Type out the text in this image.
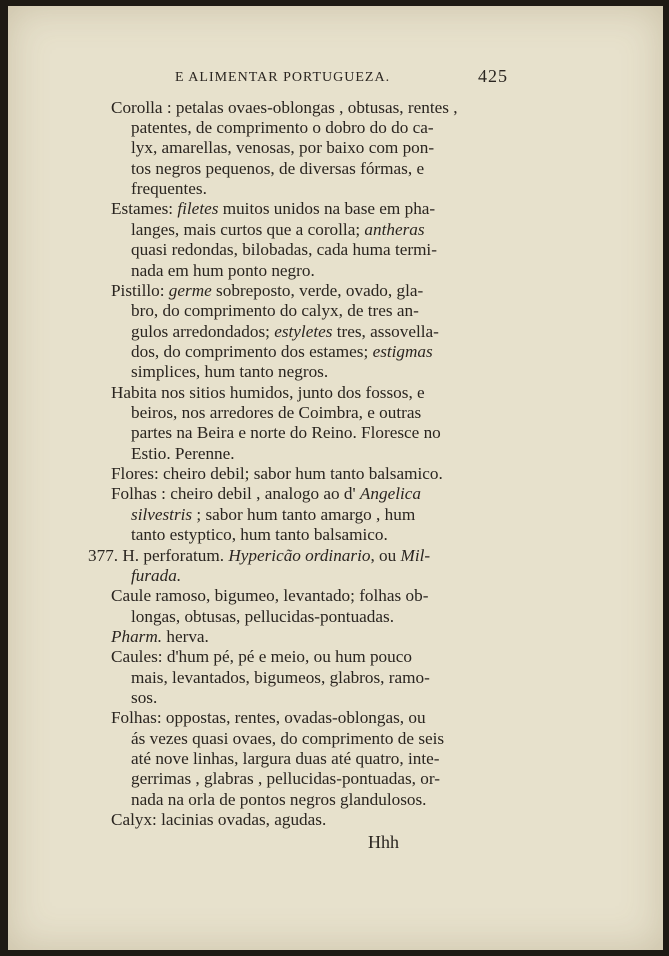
E ALIMENTAR PORTUGUEZA.	425
Corolla : petalas ovaes-oblongas , obtusas, rentes ,
patentes, de comprimento o dobro do do ca-
lyx, amarellas, venosas, por baixo com pon-
tos negros pequenos, de diversas fórmas, e
frequentes.
Estames: filetes muitos unidos na base em pha-
langes, mais curtos que a corolla; antheras
quasi redondas, bilobadas, cada huma termi-
nada em hum ponto negro.
Pistillo: germe sobreposto, verde, ovado, gla-
bro, do comprimento do calyx, de tres an-
gulos arredondados; estyletes tres, assovella-
dos, do comprimento dos estames; estigmas
simplices, hum tanto negros.
Habita nos sitios humidos, junto dos fossos, e
beiros, nos arredores de Coimbra, e outras
partes na Beira e norte do Reino. Floresce no
Estio. Perenne.
Flores: cheiro debil; sabor hum tanto balsamico.
Folhas : cheiro debil , analogo ao d' Angelica
silvestris ; sabor hum tanto amargo , hum
tanto estyptico, hum tanto balsamico.
377. H. perforatum. Hypericão ordinario, ou Mil-
furada.
Caule ramoso, bigumeo, levantado; folhas ob-
longas, obtusas, pellucidas-pontuadas.
Pharm. herva.
Caules: d'hum pé, pé e meio, ou hum pouco
mais, levantados, bigumeos, glabros, ramo-
sos.
Folhas: oppostas, rentes, ovadas-oblongas, ou
ás vezes quasi ovaes, do comprimento de seis
até nove linhas, largura duas até quatro, inte-
gerrimas , glabras , pellucidas-pontuadas, or-
nada na orla de pontos negros glandulosos.
Calyx: lacinias ovadas, agudas.
Hhh
